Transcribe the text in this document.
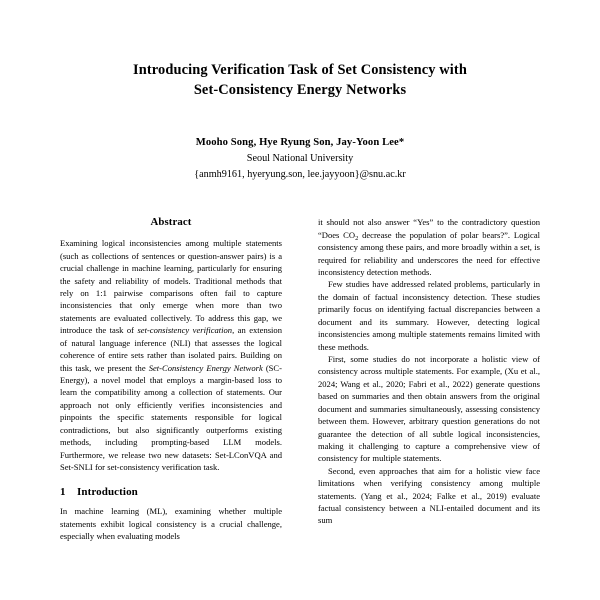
Introducing Verification Task of Set Consistency with
Set-Consistency Energy Networks
Mooho Song, Hye Ryung Son, Jay-Yoon Lee*
Seoul National University
{anmh9161, hyeryung.son, lee.jayyoon}@snu.ac.kr
Abstract

Examining logical inconsistencies among multiple statements (such as collections of sentences or question-answer pairs) is a crucial challenge in machine learning, particularly for ensuring the safety and reliability of models. Traditional methods that rely on 1:1 pairwise comparisons often fail to capture inconsistencies that only emerge when more than two statements are evaluated collectively. To address this gap, we introduce the task of set-consistency verification, an extension of natural language inference (NLI) that assesses the logical coherence of entire sets rather than isolated pairs. Building on this task, we present the Set-Consistency Energy Network (SC-Energy), a novel model that employs a margin-based loss to learn the compatibility among a collection of statements. Our approach not only efficiently verifies inconsistencies and pinpoints the specific statements responsible for logical contradictions, but also significantly outperforms existing methods, including prompting-based LLM models. Furthermore, we release two new datasets: Set-LConVQA and Set-SNLI for set-consistency verification task.

1 Introduction

In machine learning (ML), examining whether multiple statements exhibit logical consistency is a crucial challenge, especially when evaluating models

it should not also answer “Yes” to the contradictory question “Does $CO_2$ decrease the population of polar bears?”. Logical consistency among these pairs, and more broadly within a set, is required for reliability and underscores the need for effective inconsistency detection methods.

Few studies have addressed related problems, particularly in the domain of factual inconsistency detection. These studies primarily focus on identifying factual discrepancies between a document and its summary. However, detecting logical inconsistencies among multiple statements remains limited with these methods.

First, some studies do not incorporate a holistic view of consistency across multiple statements. For example, (Xu et al., 2024; Wang et al., 2020; Fabri et al., 2022) generate questions based on summaries and then obtain answers from the original document and summaries simultaneously, assessing consistency between them. However, arbitrary question generations do not guarantee the detection of all subtle logical inconsistencies, making it challenging to capture a comprehensive view of consistency for multiple statements.

Second, even approaches that aim for a holistic view face limitations when verifying consistency among multiple statements. (Yang et al., 2024; Falke et al., 2019) evaluate factual consistency between a NLI-entailed document and its sum
